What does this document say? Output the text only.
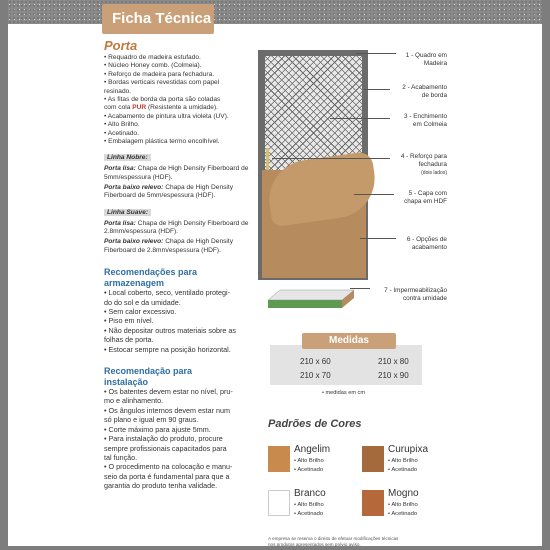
Ficha Técnica

Porta

• Requadro de madeira estufado.

• Núcleo Honey comb. (Colmeia).

• Reforço de madeira para fechadura.

• Bordas verticais revestidas com papel

resinado.

• As fitas de borda da porta são coladas

com cola PUR (Resistente a umidade).

• Acabamento de pintura ultra violeta (UV).

• Alto Brilho.

• Acetinado.

• Embalagem plástica termo encolhível.

Linha Nobre:

Porta lisa: Chapa de High Density Fiberboard de 5mm/espessura (HDF).

Porta baixo relevo: Chapa de High Density Fiberboard de 5mm/espessura (HDF).

Linha Suave:

Porta lisa: Chapa de High Density Fiberboard de 2.8mm/espessura (HDF).

Porta baixo relevo: Chapa de High Density Fiberboard de 2.8mm/espessura (HDF).

Recomendações para

armazenagem

• Local coberto, seco, ventilado protegi-

do do sol e da umidade.

• Sem calor excessivo.

• Piso em nível.

• Não depositar outros materiais sobre as

folhas de porta.

• Estocar sempre na posição horizontal.

Recomendação para

instalação

• Os batentes devem estar no nível, pru-

mo e alinhamento.

• Os ângulos internos devem estar num

só plano e igual em 90 graus.

• Corte máximo para ajuste 5mm.

• Para instalação do produto, procure

sempre profissionais capacitados para

tal função.

• O procedimento na colocação e manu-

seio da porta é fundamental para que a

garantia do produto tenha validade.

1 - Quadro em
Madeira
2 - Acabamento
de borda
3 - Enchimento
em Colmeia
4 - Reforço para
fechadura
(dois lados)
5 - Capa com
chapa em HDF
6 - Opções de
acabamento
7 - Impermeabilização
contra umidade
Medidas
210 x 60	210 x 80
210 x 70	210 x 90
• medidas em cm
Padrões de Cores
Angelim
• Alto Brilho
• Acetinado
Curupixa
• Alto Brilho
• Acetinado
Branco
• Alto Brilho
• Acetinado
Mogno
• Alto Brilho
• Acetinado
A empresa se reserva o direito de efetuar modificações técnicas
nos produtos apresentados sem prévio aviso.
